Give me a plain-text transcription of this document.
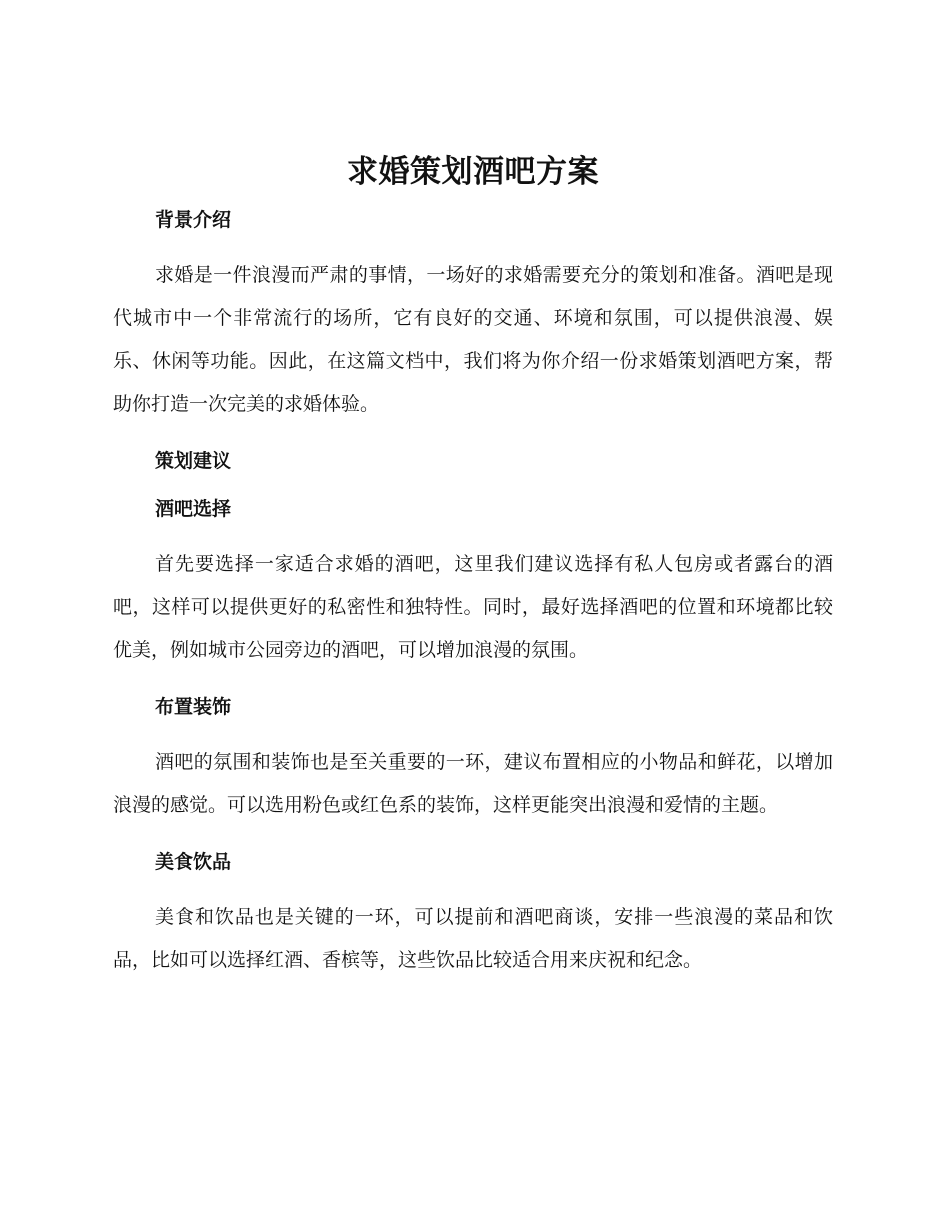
求婚策划酒吧方案
背景介绍

求婚是一件浪漫而严肃的事情，一场好的求婚需要充分的策划和准备。酒吧是现代城市中一个非常流行的场所，它有良好的交通、环境和氛围，可以提供浪漫、娱乐、休闲等功能。因此，在这篇文档中，我们将为你介绍一份求婚策划酒吧方案，帮助你打造一次完美的求婚体验。

策划建议
酒吧选择

首先要选择一家适合求婚的酒吧，这里我们建议选择有私人包房或者露台的酒吧，这样可以提供更好的私密性和独特性。同时，最好选择酒吧的位置和环境都比较优美，例如城市公园旁边的酒吧，可以增加浪漫的氛围。

布置装饰

酒吧的氛围和装饰也是至关重要的一环，建议布置相应的小物品和鲜花，以增加浪漫的感觉。可以选用粉色或红色系的装饰，这样更能突出浪漫和爱情的主题。

美食饮品

美食和饮品也是关键的一环，可以提前和酒吧商谈，安排一些浪漫的菜品和饮品，比如可以选择红酒、香槟等，这些饮品比较适合用来庆祝和纪念。
